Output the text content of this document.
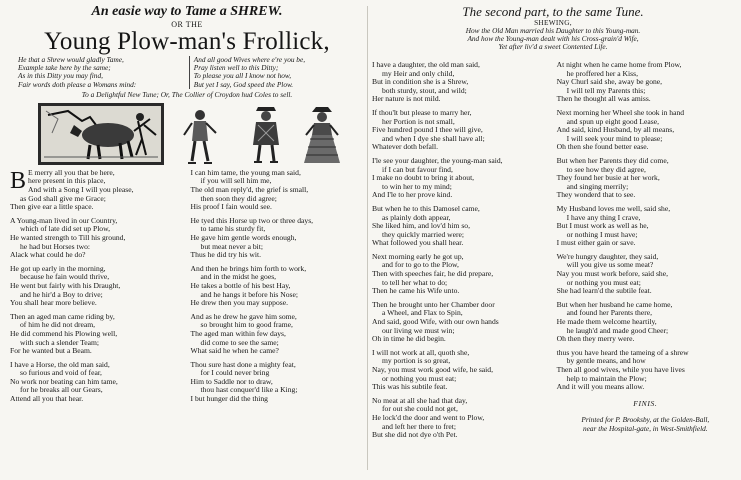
An easie way to Tame a SHREW.
OR THE
Young Plow-man's Frollick,
He that a Shrew would gladly Tame,
Example take here by the same;
As in this Ditty you may find,
Fair words doth please a Womans mind:
And all good Wives where e're you be,
Pray listen well to this Ditty;
To please you all I know not how,
But yet I say, God speed the Plow.
To a Delightful New Tune; Or, The Collier of Croydon hud Coles to sell.

B E merry all you that be here,
here present in this place,
And with a Song I will you please,
as God shall give me Grace;
Then give ear a little space.

A Young-man lived in our Country,
which of late did set up Plow,
He wanted strength to Till his ground,
he had but Horses two:
Alack what could he do?

He got up early in the morning,
because he fain would thrive,
He went but fairly with his Draught,
and he hir'd a Boy to drive;
You shall hear more believe.

Then an aged man came riding by,
of him he did not dream,
He did commend his Plowing well,
with such a slender Team;
For he wanted but a Beam.

I have a Horse, the old man said,
so furious and void of fear,
No work nor beating can him tame,
for he breaks all our Gears,
Attend all you that hear.

I can him tame, the young man said,
if you will sell him me,
The old man reply'd, the grief is small,
then soon they did agree;
His proof I fain would see.

He tyed this Horse up two or three days,
to tame his sturdy fit,
He gave him gentle words enough,
but meat never a bit;
Thus he did try his wit.

And then he brings him forth to work,
and in the midst he goes,
He takes a bottle of his best Hay,
and he hangs it before his Nose;
He drew then you may suppose.

And as he drew he gave him some,
so brought him to good frame,
The aged man within few days,
did come to see the same;
What said he when he came?

Thou sure hast done a mighty feat,
for I could never bring
Him to Saddle nor to draw,
thou hast conquer'd like a King;
I but hunger did the thing

The second part, to the same Tune.
SHEWING,
How the Old Man married his Daughter to this Young-man.
And how the Young-man dealt with his Cross-grain'd Wife,
Yet after liv'd a sweet Contented Life.

I have a daughter, the old man said,
my Heir and only child,
But in condition she is a Shrew,
both sturdy, stout, and wild;
Her nature is not mild.

If thou'lt but please to marry her,
her Portion is not small,
Five hundred pound I thee will give,
and when I dye she shall have all;
Whatever doth befall.

I'le see your daughter, the young-man said,
if I can but favour find,
I make no doubt to bring it about,
to win her to my mind;
And I'le to her prove kind.

But when he to this Damosel came,
as plainly doth appear,
She liked him, and lov'd him so,
they quickly married were;
What followed you shall hear.

Next morning early he got up,
and for to go to the Plow,
Then with speeches fair, he did prepare,
to tell her what to do;
Then he came his Wife unto.

Then he brought unto her Chamber door
a Wheel, and Flax to Spin,
And said, good Wife, with our own hands
our living we must win;
Oh in time he did begin.

I will not work at all, quoth she,
my portion is so great,
Nay, you must work good wife, he said,
or nothing you must eat;
This was his subtile feat.

No meat at all she had that day,
for out she could not get,
He lock'd the door and went to Plow,
and left her there to fret;
But she did not dye o'th Pet.

At night when he came home from Plow,
he proffered her a Kiss,
Nay Churl said she, away be gone,
I will tell my Parents this;
Then he thought all was amiss.

Next morning her Wheel she took in hand
and spun up eight good Lease,
And said, kind Husband, by all means,
I will seek your mind to please;
Oh then she found better ease.

But when her Parents they did come,
to see how they did agree,
They found her busie at her work,
and singing merrily;
They wonderd that to see.

My Husband loves me well, said she,
I have any thing I crave,
But I must work as well as he,
or nothing I must have;
I must either gain or save.

We're hungry daughter, they said,
will you give us some meat?
Nay you must work before, said she,
or nothing you must eat;
She had learn'd the subtile feat.

But when her husband he came home,
and found her Parents there,
He made them welcome heartily,
he laugh'd and made good Cheer;
Oh then they merry were.

thus you have heard the tameing of a shrew
by gentle means, and how
Then all good wives, while you have lives
help to maintain the Plow;
And it will you means allow.

FINIS.
Printed for P. Brooksby, at the Golden-Ball,
near the Hospital-gate, in West-Smithfield.
